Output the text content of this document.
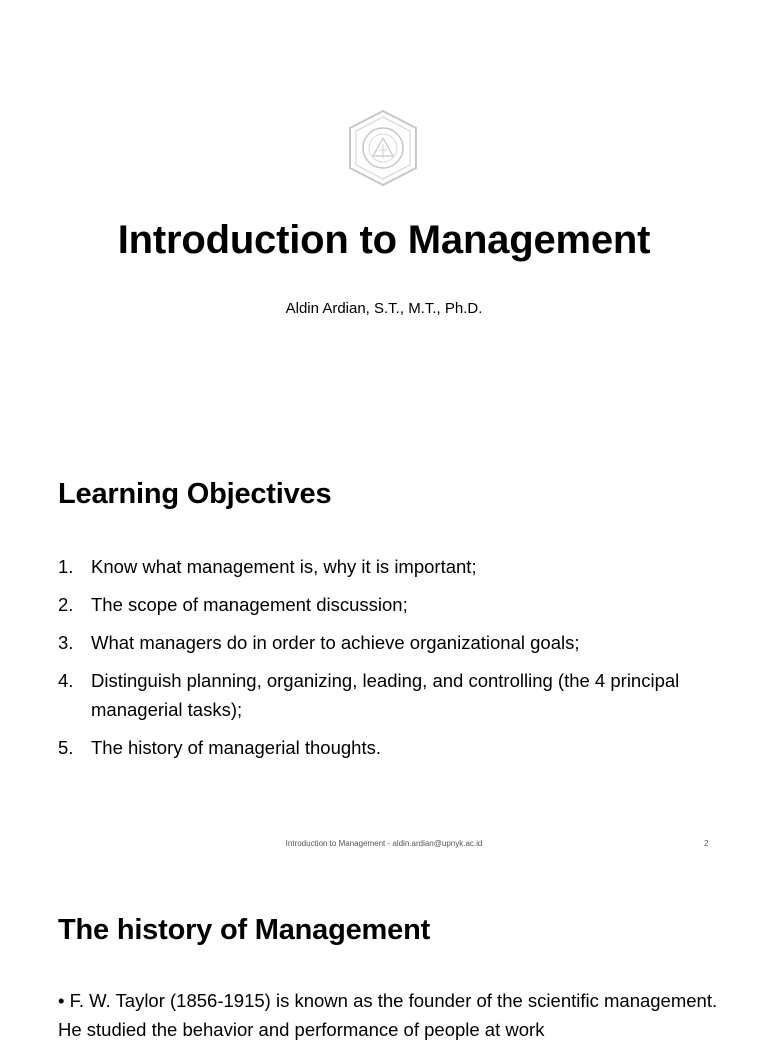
Introduction to Management
Aldin Ardian, S.T., M.T., Ph.D.
Learning Objectives
1. Know what management is, why it is important;
2. The scope of management discussion;
3. What managers do in order to achieve organizational goals;
4. Distinguish planning, organizing, leading, and controlling (the 4 principal managerial tasks);
5. The history of managerial thoughts.
Introduction to Management - aldin.ardian@upnyk.ac.id	2
The history of Management
• F. W. Taylor (1856-1915) is known as the founder of the scientific management. He studied the behavior and performance of people at work
